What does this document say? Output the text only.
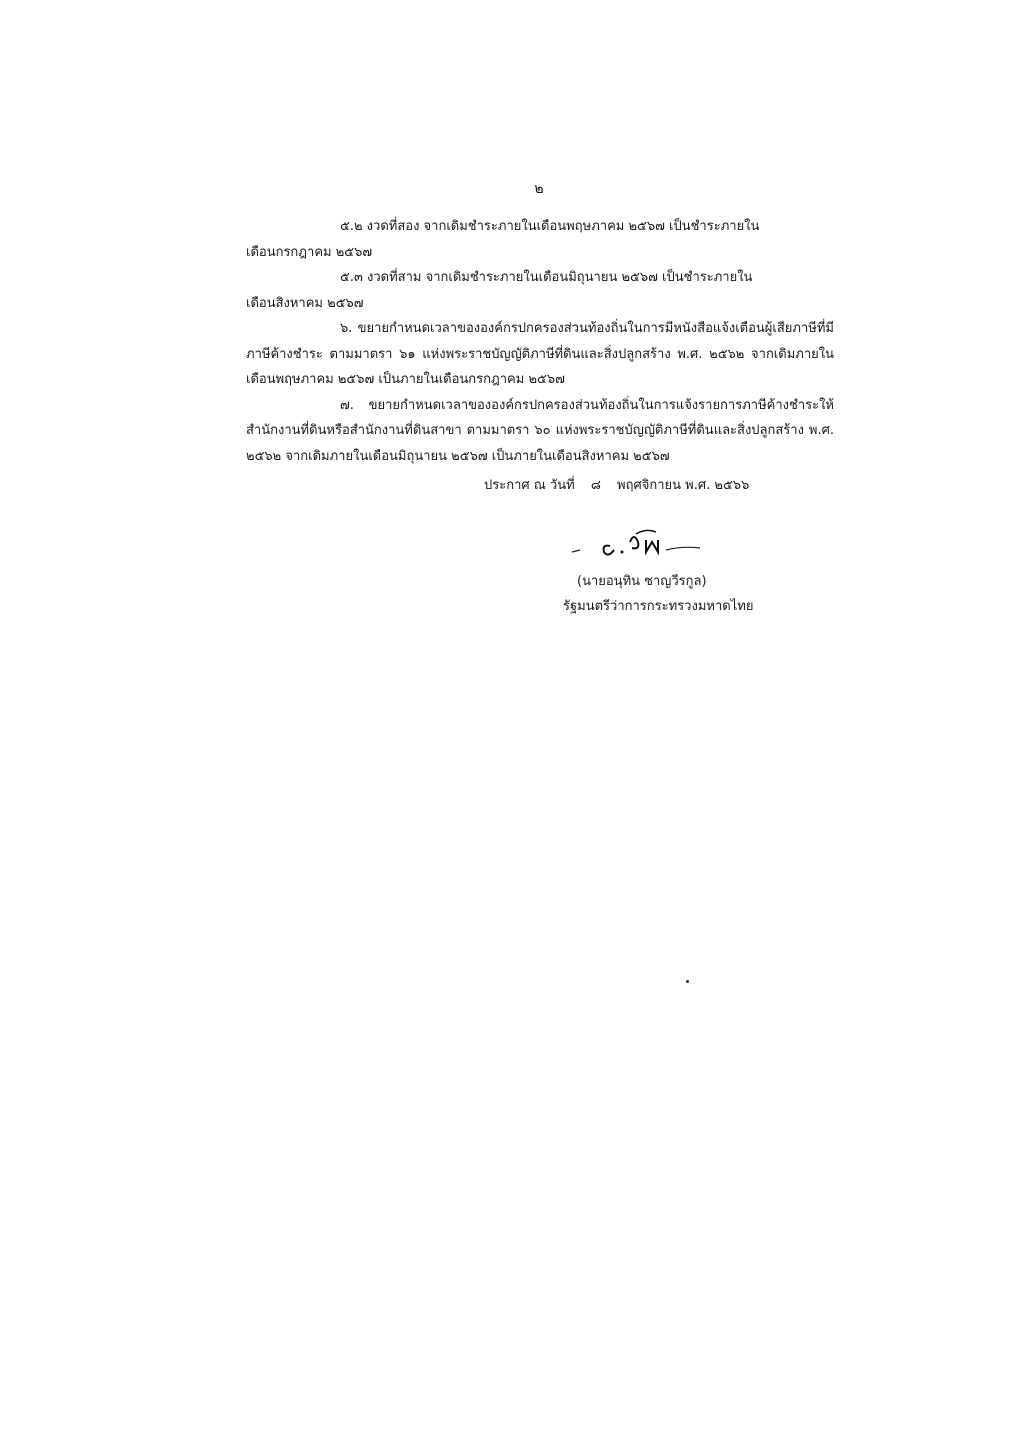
๒

๕.๒ งวดที่สอง จากเดิมชำระภายในเดือนพฤษภาคม ๒๕๖๗ เป็นชำระภายใน

เดือนกรกฎาคม ๒๕๖๗

๕.๓ งวดที่สาม จากเดิมชำระภายในเดือนมิถุนายน ๒๕๖๗ เป็นชำระภายใน

เดือนสิงหาคม ๒๕๖๗

๖. ขยายกำหนดเวลาขององค์กรปกครองส่วนท้องถิ่นในการมีหนังสือแจ้งเตือนผู้เสียภาษีที่มีภาษีค้างชำระ ตามมาตรา ๖๑ แห่งพระราชบัญญัติภาษีที่ดินและสิ่งปลูกสร้าง พ.ศ. ๒๕๖๒ จากเดิมภายในเดือนพฤษภาคม ๒๕๖๗ เป็นภายในเดือนกรกฎาคม ๒๕๖๗

๗. ขยายกำหนดเวลาขององค์กรปกครองส่วนท้องถิ่นในการแจ้งรายการภาษีค้างชำระให้สำนักงานที่ดินหรือสำนักงานที่ดินสาขา ตามมาตรา ๖๐ แห่งพระราชบัญญัติภาษีที่ดินและสิ่งปลูกสร้าง พ.ศ. ๒๕๖๒ จากเดิมภายในเดือนมิถุนายน ๒๕๖๗ เป็นภายในเดือนสิงหาคม ๒๕๖๗

ประกาศ ณ วันที่ ๘ พฤศจิกายน พ.ศ. ๒๕๖๖
(นายอนุทิน ชาญวีรกูล)
รัฐมนตรีว่าการกระทรวงมหาดไทย
